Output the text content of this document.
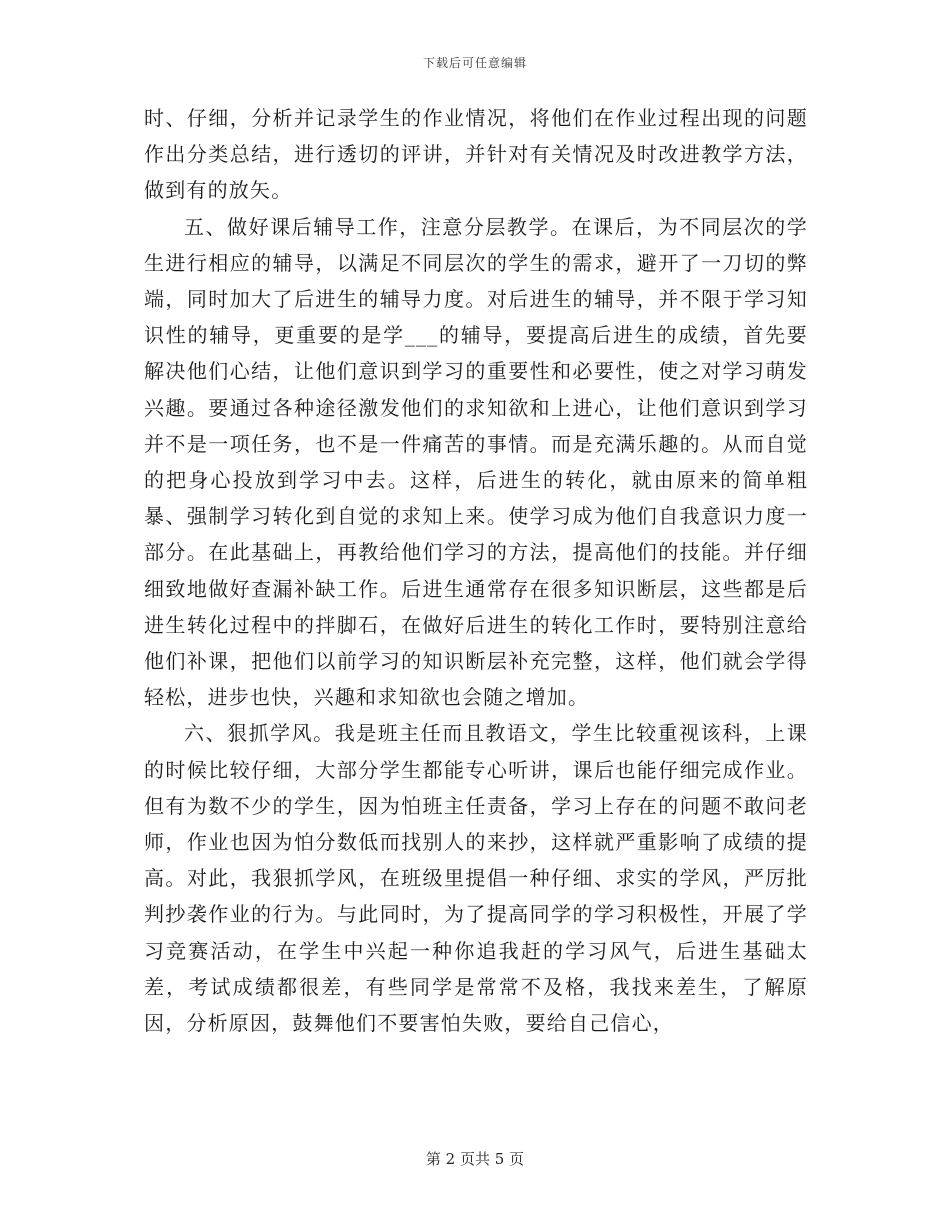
下载后可任意编辑

时、仔细，分析并记录学生的作业情况，将他们在作业过程出现的问题作出分类总结，进行透切的评讲，并针对有关情况及时改进教学方法，做到有的放矢。

五、做好课后辅导工作，注意分层教学。在课后，为不同层次的学生进行相应的辅导，以满足不同层次的学生的需求，避开了一刀切的弊端，同时加大了后进生的辅导力度。对后进生的辅导，并不限于学习知识性的辅导，更重要的是学___的辅导，要提高后进生的成绩，首先要解决他们心结，让他们意识到学习的重要性和必要性，使之对学习萌发兴趣。要通过各种途径激发他们的求知欲和上进心，让他们意识到学习并不是一项任务，也不是一件痛苦的事情。而是充满乐趣的。从而自觉的把身心投放到学习中去。这样，后进生的转化，就由原来的简单粗暴、强制学习转化到自觉的求知上来。使学习成为他们自我意识力度一部分。在此基础上，再教给他们学习的方法，提高他们的技能。并仔细细致地做好查漏补缺工作。后进生通常存在很多知识断层，这些都是后进生转化过程中的拌脚石，在做好后进生的转化工作时，要特别注意给他们补课，把他们以前学习的知识断层补充完整，这样，他们就会学得轻松，进步也快，兴趣和求知欲也会随之增加。

六、狠抓学风。我是班主任而且教语文，学生比较重视该科，上课的时候比较仔细，大部分学生都能专心听讲，课后也能仔细完成作业。但有为数不少的学生，因为怕班主任责备，学习上存在的问题不敢问老师，作业也因为怕分数低而找别人的来抄，这样就严重影响了成绩的提高。对此，我狠抓学风，在班级里提倡一种仔细、求实的学风，严厉批判抄袭作业的行为。与此同时，为了提高同学的学习积极性，开展了学习竞赛活动，在学生中兴起一种你追我赶的学习风气，后进生基础太差，考试成绩都很差，有些同学是常常不及格，我找来差生，了解原因，分析原因，鼓舞他们不要害怕失败，要给自己信心，

第 2 页共 5 页
